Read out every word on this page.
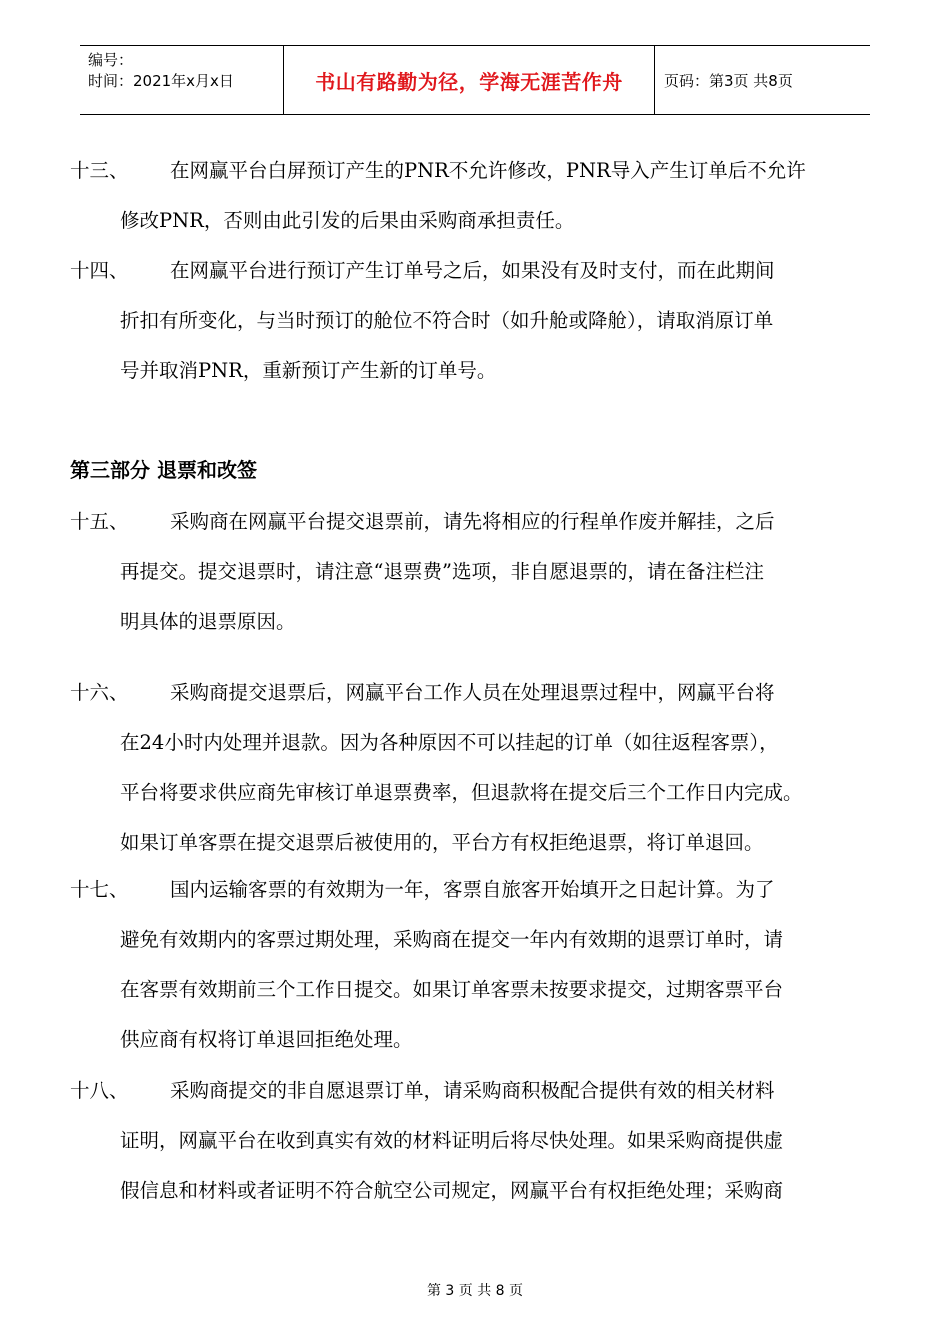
编号：
时间：2021年x月x日	书山有路勤为径，学海无涯苦作舟	页码：第3页 共8页
十三、	在网赢平台白屏预订产生的PNR不允许修改，PNR导入产生订单后不允许

修改PNR，否则由此引发的后果由采购商承担责任。

十四、	在网赢平台进行预订产生订单号之后，如果没有及时支付，而在此期间

折扣有所变化，与当时预订的舱位不符合时（如升舱或降舱），请取消原订单

号并取消PNR，重新预订产生新的订单号。

第三部分 退票和改签
十五、	采购商在网赢平台提交退票前，请先将相应的行程单作废并解挂，之后

再提交。提交退票时，请注意“退票费”选项，非自愿退票的，请在备注栏注

明具体的退票原因。

十六、	采购商提交退票后，网赢平台工作人员在处理退票过程中，网赢平台将

在24小时内处理并退款。因为各种原因不可以挂起的订单（如往返程客票），

平台将要求供应商先审核订单退票费率，但退款将在提交后三个工作日内完成。

如果订单客票在提交退票后被使用的，平台方有权拒绝退票，将订单退回。

十七、	国内运输客票的有效期为一年，客票自旅客开始填开之日起计算。为了

避免有效期内的客票过期处理，采购商在提交一年内有效期的退票订单时，请

在客票有效期前三个工作日提交。如果订单客票未按要求提交，过期客票平台

供应商有权将订单退回拒绝处理。

十八、	采购商提交的非自愿退票订单，请采购商积极配合提供有效的相关材料

证明，网赢平台在收到真实有效的材料证明后将尽快处理。如果采购商提供虚

假信息和材料或者证明不符合航空公司规定，网赢平台有权拒绝处理；采购商

第 3 页 共 8 页
